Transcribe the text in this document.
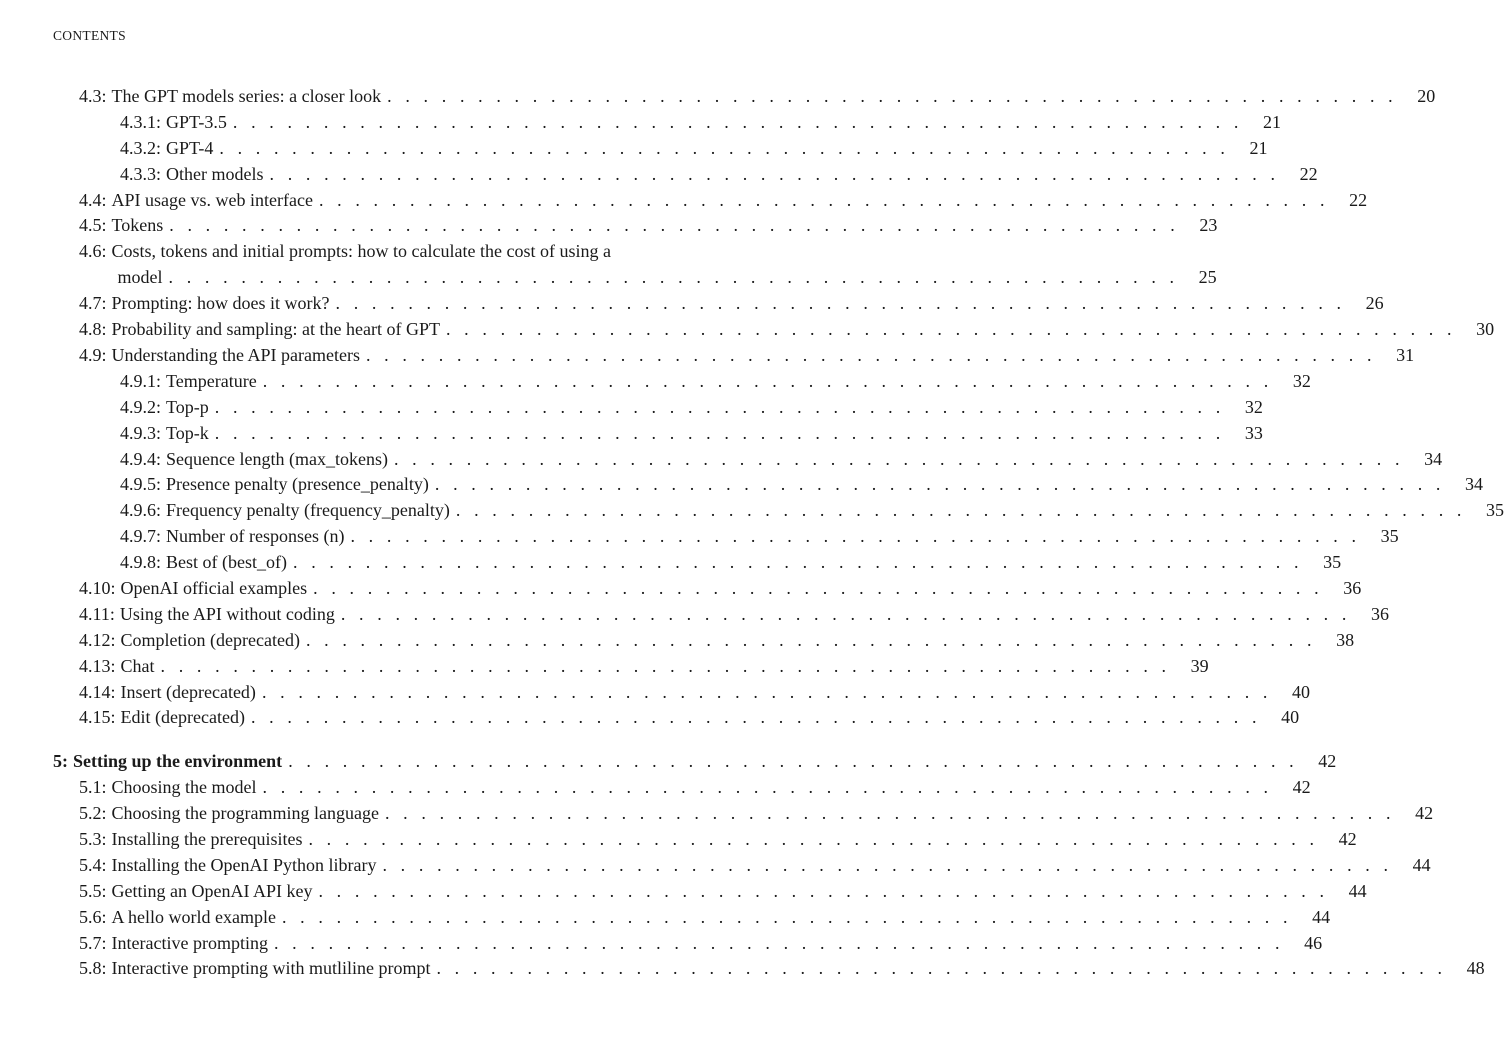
CONTENTS
4.3: The GPT models series: a closer look . . . . . . . . . . . . . . . . . . . . . . . . . . . . . . . . . . . . . . . . . . . . . . . . . . . . . . . . 20
4.3.1: GPT-3.5 . . . . . . . . . . . . . . . . . . . . . . . . . . . . . . . . . . . . . . . . . . . . . . . . . . . . . . . . 21
4.3.2: GPT-4 . . . . . . . . . . . . . . . . . . . . . . . . . . . . . . . . . . . . . . . . . . . . . . . . . . . . . . . . 21
4.3.3: Other models . . . . . . . . . . . . . . . . . . . . . . . . . . . . . . . . . . . . . . . . . . . . . . . . . . . . . . . . 22
4.4: API usage vs. web interface . . . . . . . . . . . . . . . . . . . . . . . . . . . . . . . . . . . . . . . . . . . . . . . . . . . . . . . . 22
4.5: Tokens . . . . . . . . . . . . . . . . . . . . . . . . . . . . . . . . . . . . . . . . . . . . . . . . . . . . . . . . 23
4.6: Costs, tokens and initial prompts: how to calculate the cost of using a
model . . . . . . . . . . . . . . . . . . . . . . . . . . . . . . . . . . . . . . . . . . . . . . . . . . . . . . . . 25
4.7: Prompting: how does it work? . . . . . . . . . . . . . . . . . . . . . . . . . . . . . . . . . . . . . . . . . . . . . . . . . . . . . . . . 26
4.8: Probability and sampling: at the heart of GPT . . . . . . . . . . . . . . . . . . . . . . . . . . . . . . . . . . . . . . . . . . . . . . . . . . . . . . . . 30
4.9: Understanding the API parameters . . . . . . . . . . . . . . . . . . . . . . . . . . . . . . . . . . . . . . . . . . . . . . . . . . . . . . . . 31
4.9.1: Temperature . . . . . . . . . . . . . . . . . . . . . . . . . . . . . . . . . . . . . . . . . . . . . . . . . . . . . . . . 32
4.9.2: Top-p . . . . . . . . . . . . . . . . . . . . . . . . . . . . . . . . . . . . . . . . . . . . . . . . . . . . . . . . 32
4.9.3: Top-k . . . . . . . . . . . . . . . . . . . . . . . . . . . . . . . . . . . . . . . . . . . . . . . . . . . . . . . . 33
4.9.4: Sequence length (max_tokens) . . . . . . . . . . . . . . . . . . . . . . . . . . . . . . . . . . . . . . . . . . . . . . . . . . . . . . . . 34
4.9.5: Presence penalty (presence_penalty) . . . . . . . . . . . . . . . . . . . . . . . . . . . . . . . . . . . . . . . . . . . . . . . . . . . . . . . . 34
4.9.6: Frequency penalty (frequency_penalty) . . . . . . . . . . . . . . . . . . . . . . . . . . . . . . . . . . . . . . . . . . . . . . . . . . . . . . . . 35
4.9.7: Number of responses (n) . . . . . . . . . . . . . . . . . . . . . . . . . . . . . . . . . . . . . . . . . . . . . . . . . . . . . . . . 35
4.9.8: Best of (best_of) . . . . . . . . . . . . . . . . . . . . . . . . . . . . . . . . . . . . . . . . . . . . . . . . . . . . . . . . 35
4.10: OpenAI official examples . . . . . . . . . . . . . . . . . . . . . . . . . . . . . . . . . . . . . . . . . . . . . . . . . . . . . . . . 36
4.11: Using the API without coding . . . . . . . . . . . . . . . . . . . . . . . . . . . . . . . . . . . . . . . . . . . . . . . . . . . . . . . . 36
4.12: Completion (deprecated) . . . . . . . . . . . . . . . . . . . . . . . . . . . . . . . . . . . . . . . . . . . . . . . . . . . . . . . . 38
4.13: Chat . . . . . . . . . . . . . . . . . . . . . . . . . . . . . . . . . . . . . . . . . . . . . . . . . . . . . . . . 39
4.14: Insert (deprecated) . . . . . . . . . . . . . . . . . . . . . . . . . . . . . . . . . . . . . . . . . . . . . . . . . . . . . . . . 40
4.15: Edit (deprecated) . . . . . . . . . . . . . . . . . . . . . . . . . . . . . . . . . . . . . . . . . . . . . . . . . . . . . . . . 40
5: Setting up the environment . . . . . . . . . . . . . . . . . . . . . . . . . . . . . . . . . . . . . . . . . . . . . . . . . . . . . . . . 42
5.1: Choosing the model . . . . . . . . . . . . . . . . . . . . . . . . . . . . . . . . . . . . . . . . . . . . . . . . . . . . . . . . 42
5.2: Choosing the programming language . . . . . . . . . . . . . . . . . . . . . . . . . . . . . . . . . . . . . . . . . . . . . . . . . . . . . . . . 42
5.3: Installing the prerequisites . . . . . . . . . . . . . . . . . . . . . . . . . . . . . . . . . . . . . . . . . . . . . . . . . . . . . . . . 42
5.4: Installing the OpenAI Python library . . . . . . . . . . . . . . . . . . . . . . . . . . . . . . . . . . . . . . . . . . . . . . . . . . . . . . . . 44
5.5: Getting an OpenAI API key . . . . . . . . . . . . . . . . . . . . . . . . . . . . . . . . . . . . . . . . . . . . . . . . . . . . . . . . 44
5.6: A hello world example . . . . . . . . . . . . . . . . . . . . . . . . . . . . . . . . . . . . . . . . . . . . . . . . . . . . . . . . 44
5.7: Interactive prompting . . . . . . . . . . . . . . . . . . . . . . . . . . . . . . . . . . . . . . . . . . . . . . . . . . . . . . . . 46
5.8: Interactive prompting with mutliline prompt . . . . . . . . . . . . . . . . . . . . . . . . . . . . . . . . . . . . . . . . . . . . . . . . . . . . . . . . 48
